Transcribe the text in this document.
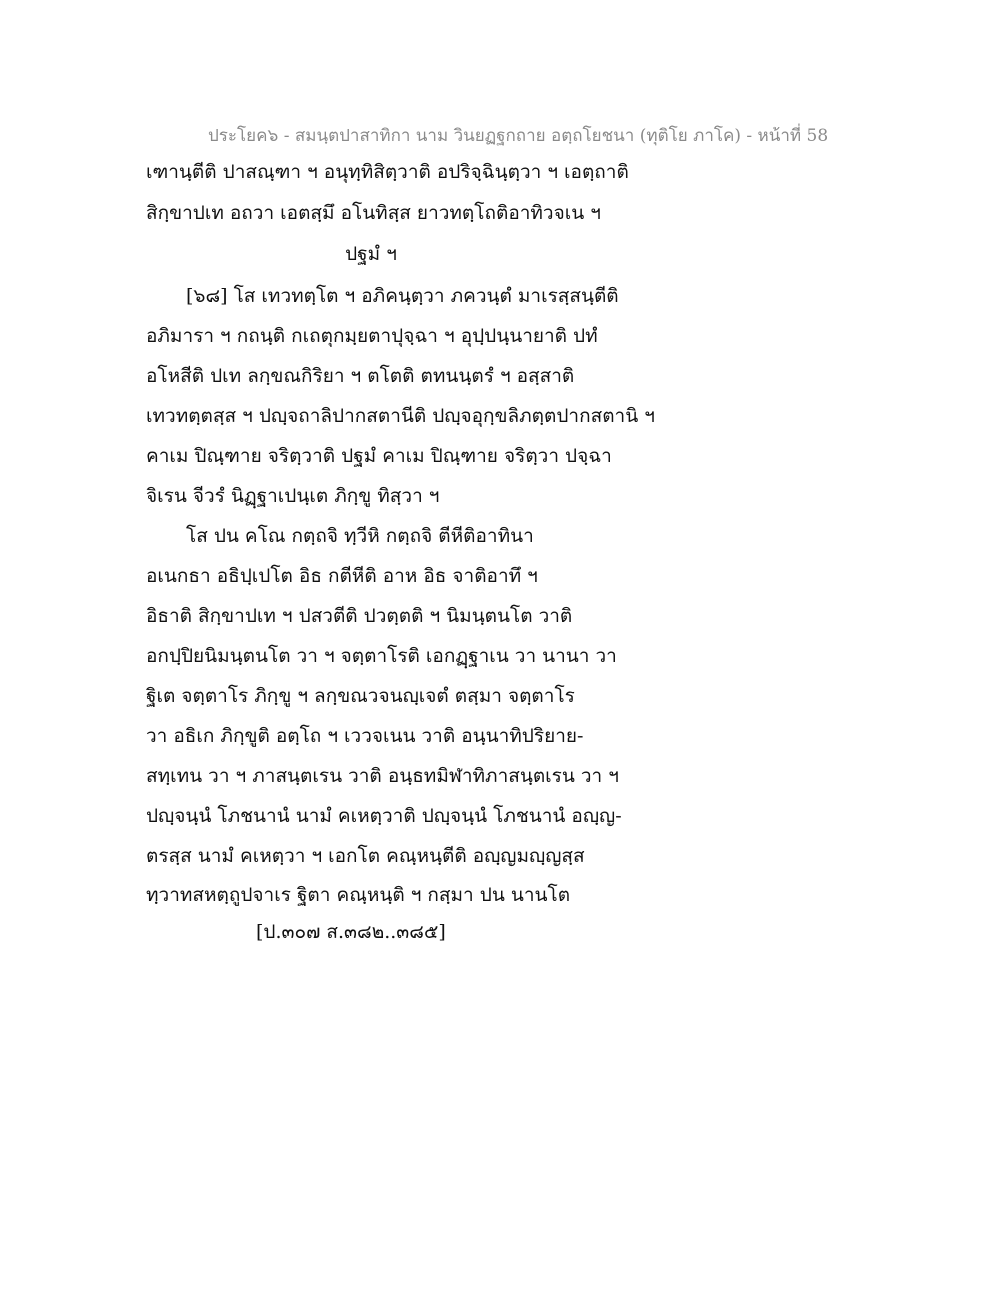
ประโยค๖ - สมนฺตปาสาทิกา นาม วินยฏฐกถาย อตฺถโยชนา (ทุติโย ภาโค) - หน้าที่ 58
เฑานฺตีติ ปาสณฺฑา ฯ อนุทฺทิสิตฺวาติ อปริจฺฉินฺตฺวา ฯ เอตฺถาติ
สิกฺขาปเท อถวา เอตสฺมึ อโนทิสฺส ยาวทตฺโถติอาทิวจเน ฯ
ปฐมํ ฯ
[๖๘] โส เทวทตฺโต ฯ อภิคนฺตฺวา ภควนฺตํ มาเรสฺสนฺตีติ
อภิมารา ฯ กถนฺติ กเถตุกมฺยตาปุจฺฉา ฯ อุปฺปนฺนายาติ ปทํ
อโหสีติ ปเท ลกฺขณกิริยา ฯ ตโตติ ตทนนฺตรํ ฯ อสฺสาติ
เทวทตฺตสฺส ฯ ปญฺจถาลิปากสตานีติ ปญฺจอุกฺขลิภตฺตปากสตานิ ฯ
คาเม ปิณฺฑาย จริตฺวาติ ปฐมํ คาเม ปิณฺฑาย จริตฺวา ปจฺฉา
จิเรน จีวรํ นิฏฺฐาเปนฺเต ภิกฺขู ทิสฺวา ฯ
โส ปน คโณ กตฺถจิ ทฺวีหิ กตฺถจิ ตีหีติอาทินา
อเนกธา อธิปฺเปโต อิธ กตีหีติ อาห อิธ จาติอาทึ ฯ
อิธาติ สิกฺขาปเท ฯ ปสวตีติ ปวตฺตติ ฯ นิมนฺตนโต วาติ
อกปฺปิยนิมนฺตนโต วา ฯ จตฺตาโรติ เอกฏฺฐาเน วา นานา วา
ฐิเต จตฺตาโร ภิกฺขู ฯ ลกฺขณวจนญฺเจตํ ตสฺมา จตฺตาโร
วา อธิเก ภิกฺขูติ อตฺโถ ฯ เววจเนน วาติ อนฺนาทิปริยาย-
สทฺเทน วา ฯ ภาสนฺตเรน วาติ อนฺธทมิฬาทิภาสนฺตเรน วา ฯ
ปญฺจนฺนํ โภชนานํ นามํ คเหตฺวาติ ปญฺจนฺนํ โภชนานํ อญฺญ-
ตรสฺส นามํ คเหตฺวา ฯ เอกโต คณฺหนฺตีติ อญฺญมญฺญสฺส
ทฺวาทสหตฺถูปจาเร ฐิตา คณฺหนฺติ ฯ กสฺมา ปน นานโต
[ป.๓๐๗ ส.๓๘๒..๓๘๕]
